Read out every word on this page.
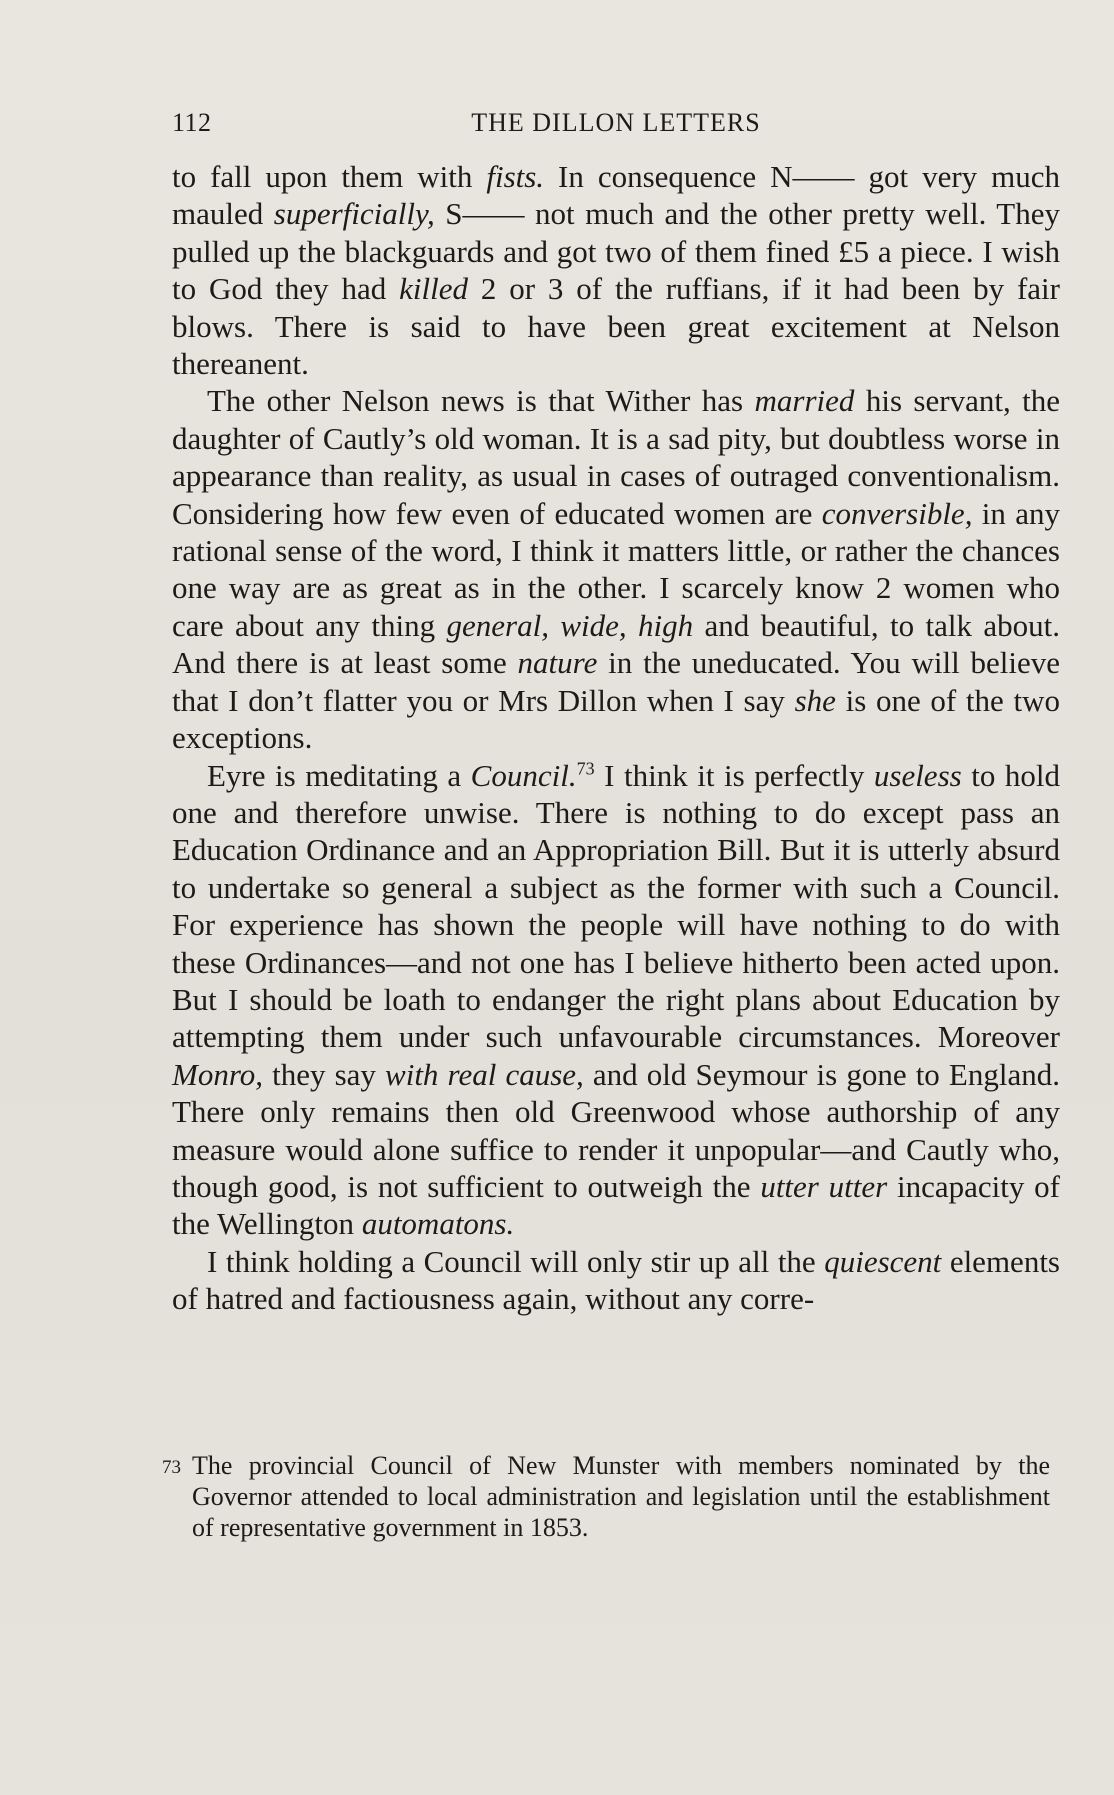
112	THE DILLON LETTERS

to fall upon them with fists. In consequence N—— got very much mauled superficially, S—— not much and the other pretty well. They pulled up the blackguards and got two of them fined £5 a piece. I wish to God they had killed 2 or 3 of the ruffians, if it had been by fair blows. There is said to have been great excitement at Nelson thereanent.

The other Nelson news is that Wither has married his servant, the daughter of Cautly’s old woman. It is a sad pity, but doubtless worse in appearance than reality, as usual in cases of outraged conventionalism. Considering how few even of educated women are conversible, in any rational sense of the word, I think it matters little, or rather the chances one way are as great as in the other. I scarcely know 2 women who care about any thing general, wide, high and beautiful, to talk about. And there is at least some nature in the uneducated. You will believe that I don’t flatter you or Mrs Dillon when I say she is one of the two exceptions.

Eyre is meditating a Council.$^{73}$ I think it is perfectly useless to hold one and therefore unwise. There is nothing to do except pass an Education Ordinance and an Appropriation Bill. But it is utterly absurd to undertake so general a subject as the former with such a Council. For experience has shown the people will have nothing to do with these Ordinances—and not one has I believe hitherto been acted upon. But I should be loath to endanger the right plans about Education by attempting them under such unfavourable circumstances. Moreover Monro, they say with real cause, and old Seymour is gone to England. There only remains then old Greenwood whose authorship of any measure would alone suffice to render it unpopular—and Cautly who, though good, is not sufficient to outweigh the utter utter incapacity of the Wellington automatons.

I think holding a Council will only stir up all the quiescent elements of hatred and factiousness again, without any corre-

73 The provincial Council of New Munster with members nominated by the Governor attended to local administration and legislation until the establishment of representative government in 1853.
